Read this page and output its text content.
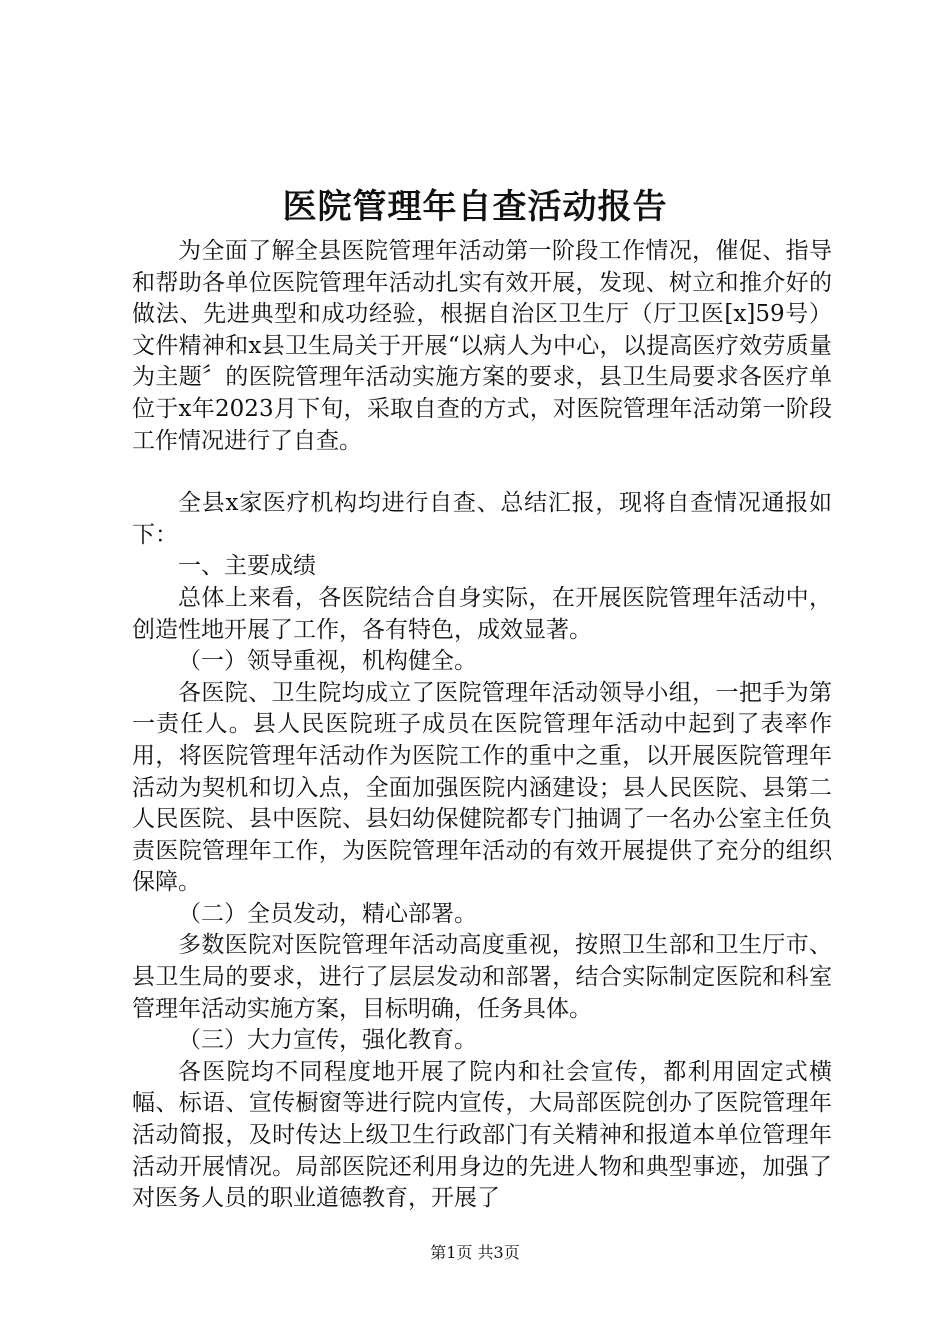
医院管理年自查活动报告

为全面了解全县医院管理年活动第一阶段工作情况，催促、指导和帮助各单位医院管理年活动扎实有效开展，发现、树立和推介好的做法、先进典型和成功经验，根据自治区卫生厅（厅卫医[x]59号）文件精神和x县卫生局关于开展“以病人为中心，以提高医疗效劳质量为主题〞的医院管理年活动实施方案的要求，县卫生局要求各医疗单位于x年2023月下旬，采取自查的方式，对医院管理年活动第一阶段工作情况进行了自查。

全县x家医疗机构均进行自查、总结汇报，现将自查情况通报如下：

一、主要成绩

总体上来看，各医院结合自身实际，在开展医院管理年活动中，创造性地开展了工作，各有特色，成效显著。

（一）领导重视，机构健全。

各医院、卫生院均成立了医院管理年活动领导小组，一把手为第一责任人。县人民医院班子成员在医院管理年活动中起到了表率作用，将医院管理年活动作为医院工作的重中之重，以开展医院管理年活动为契机和切入点，全面加强医院内涵建设；县人民医院、县第二人民医院、县中医院、县妇幼保健院都专门抽调了一名办公室主任负责医院管理年工作，为医院管理年活动的有效开展提供了充分的组织保障。

（二）全员发动，精心部署。

多数医院对医院管理年活动高度重视，按照卫生部和卫生厅市、县卫生局的要求，进行了层层发动和部署，结合实际制定医院和科室管理年活动实施方案，目标明确，任务具体。

（三）大力宣传，强化教育。

各医院均不同程度地开展了院内和社会宣传，都利用固定式横幅、标语、宣传橱窗等进行院内宣传，大局部医院创办了医院管理年活动简报，及时传达上级卫生行政部门有关精神和报道本单位管理年活动开展情况。局部医院还利用身边的先进人物和典型事迹，加强了对医务人员的职业道德教育，开展了

第1页 共3页
